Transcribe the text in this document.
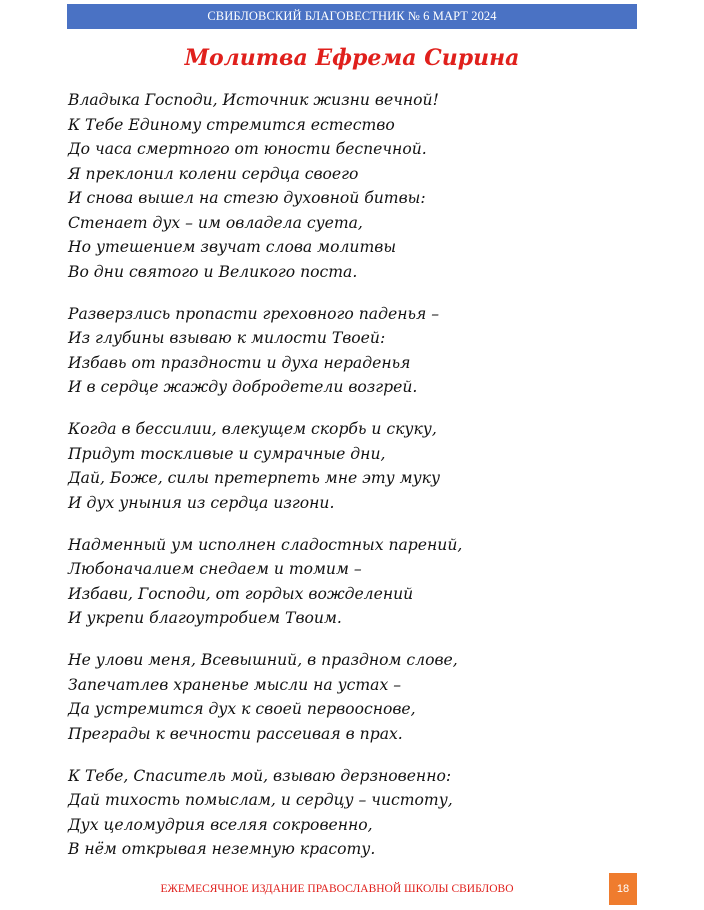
СВИБЛОВСКИЙ БЛАГОВЕСТНИК № 6 МАРТ 2024
Молитва Ефрема Сирина
Владыка Господи, Источник жизни вечной!
К Тебе Единому стремится естество
До часа смертного от юности беспечной.
Я преклонил колени сердца своего
И снова вышел на стезю духовной битвы:
Стенает дух – им овладела суета,
Но утешением звучат слова молитвы
Во дни святого и Великого поста.
Разверзлись пропасти греховного паденья –
Из глубины взываю к милости Твоей:
Избавь от праздности и духа нераденья
И в сердце жажду добродетели возгрей.
Когда в бессилии, влекущем скорбь и скуку,
Придут тоскливые и сумрачные дни,
Дай, Боже, силы претерпеть мне эту муку
И дух уныния из сердца изгони.
Надменный ум исполнен сладостных парений,
Любоначалием снедаем и томим –
Избави, Господи, от гордых вожделений
И укрепи благоутробием Твоим.
Не улови меня, Всевышний, в праздном слове,
Запечатлев храненье мысли на устах –
Да устремится дух к своей первооснове,
Преграды к вечности рассеивая в прах.
К Тебе, Спаситель мой, взываю дерзновенно:
Дай тихость помыслам, и сердцу – чистоту,
Дух целомудрия вселяя сокровенно,
В нём открывая неземную красоту.
ЕЖЕМЕСЯЧНОЕ ИЗДАНИЕ ПРАВОСЛАВНОЙ ШКОЛЫ СВИБЛОВО	18
